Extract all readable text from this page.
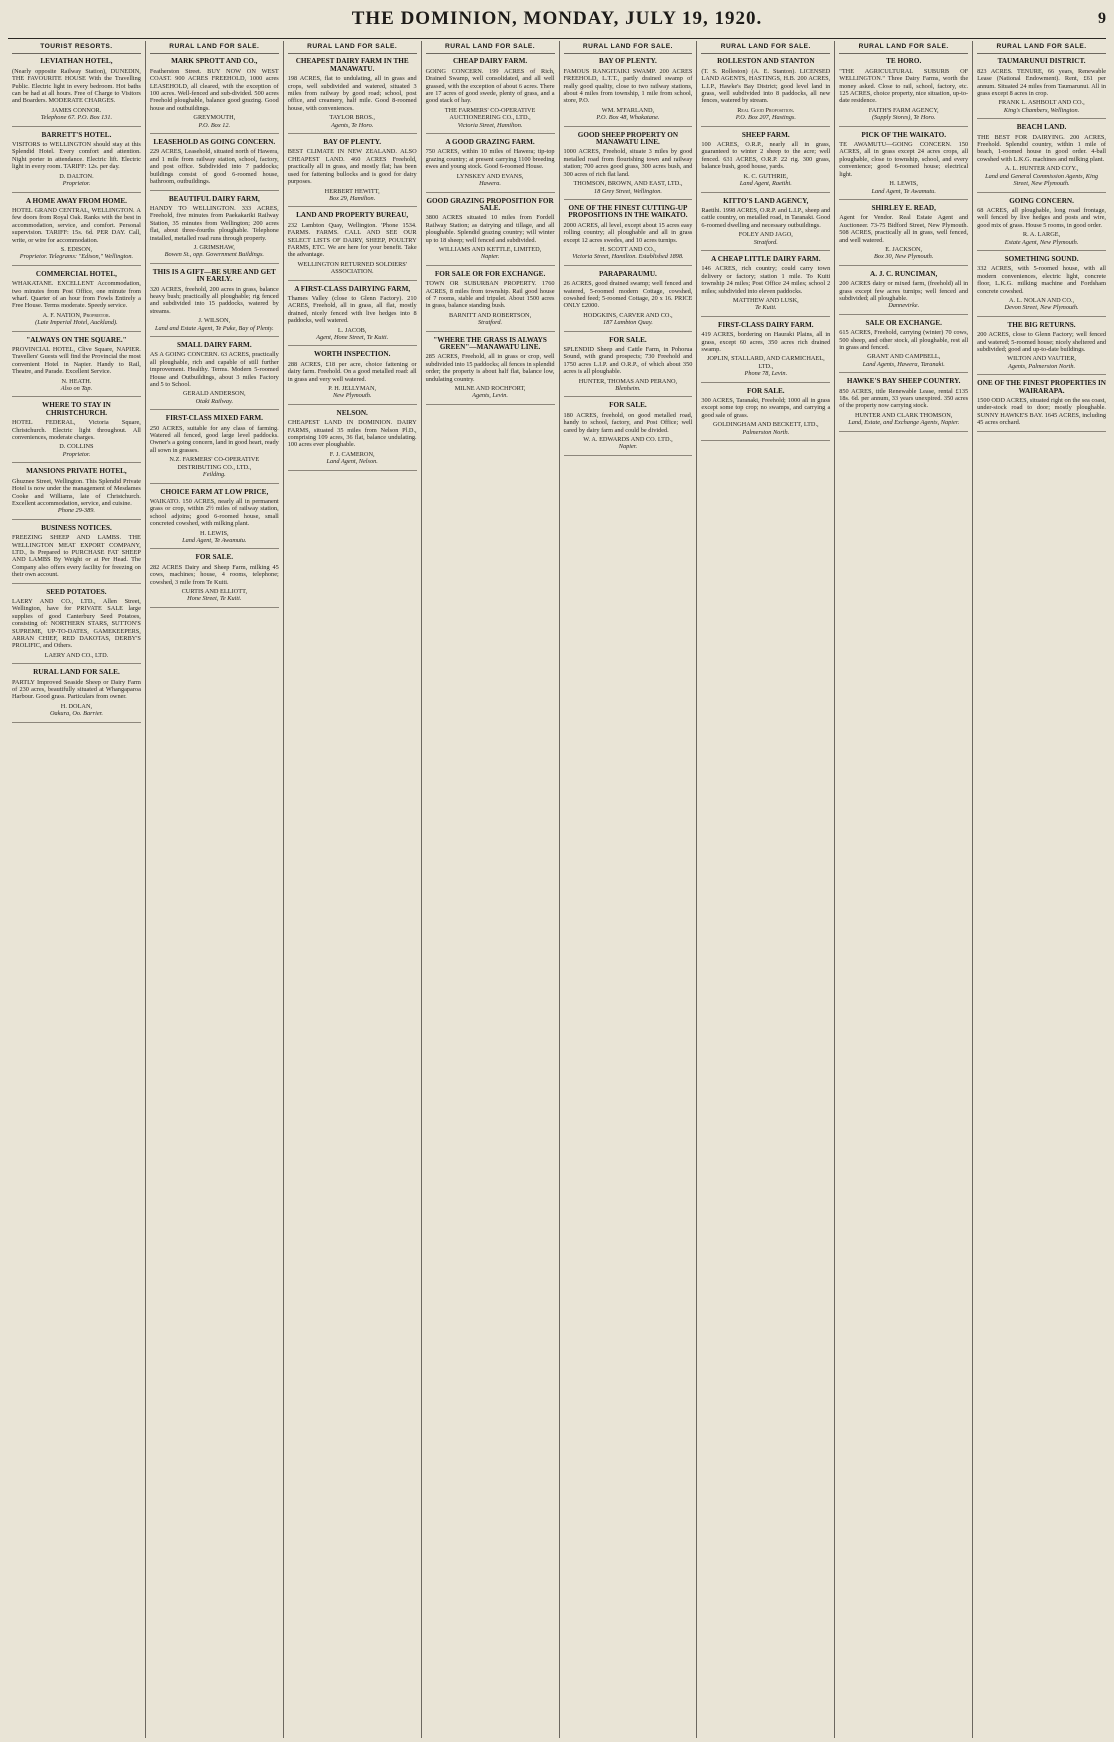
THE DOMINION, MONDAY, JULY 19, 1920.	9
TOURIST RESORTS.
LEVIATHAN HOTEL,
(Nearly opposite Railway Station), DUNEDIN, THE FAVOURITE HOUSE With the Travelling Public. Electric light in every bedroom. Hot baths can be had at all hours. Free of Charge to Visitors and Boarders. MODERATE CHARGES.
JAMES CONNOR.
Telephone 67. P.O. Box 131.
BARRETT'S HOTEL.
VISITORS to WELLINGTON should stay at this Splendid Hotel. Every comfort and attention. Night porter in attendance. Electric lift. Electric light in every room. TARIFF: 12s. per day.
D. DALTON.
Proprietor.
A HOME AWAY FROM HOME.
HOTEL GRAND CENTRAL, WELLINGTON. A few doors from Royal Oak. Ranks with the best in accommodation, service, and comfort. Personal supervision. TARIFF: 15s. 6d. PER DAY. Call, write, or wire for accommodation.
S. EDISON,
Proprietor. Telegrams: "Edison," Wellington.
COMMERCIAL HOTEL,
WHAKATANE. EXCELLENT Accommodation, two minutes from Post Office, one minute from wharf. Quarter of an hour from Fowls Entirely a Free House. Terms moderate. Speedy service.
A. F. NATION, Proprietor.
(Late Imperial Hotel, Auckland).
"ALWAYS ON THE SQUARE."
PROVINCIAL HOTEL, Clive Square, NAPIER. Travellers' Guests will find the Provincial the most convenient Hotel in Napier. Handy to Rail, Theatre, and Parade. Excellent Service.
N. HEATH.
Also on Tap.
WHERE TO STAY IN CHRISTCHURCH.
HOTEL FEDERAL, Victoria Square, Christchurch. Electric light throughout. All conveniences, moderate charges.
D. COLLINS
Proprietor.
MANSIONS PRIVATE HOTEL,
Ghuznee Street, Wellington. This Splendid Private Hotel is now under the management of Mesdames Cooke and Williams, late of Christchurch. Excellent accommodation, service, and cuisine.
Phone 29-389.
BUSINESS NOTICES.
FREEZING SHEEP AND LAMBS. THE WELLINGTON MEAT EXPORT COMPANY, LTD., Is Prepared to PURCHASE FAT SHEEP AND LAMBS By Weight or at Per Head. The Company also offers every facility for freezing on their own account.
SEED POTATOES.
LAERY AND CO., LTD., Allen Street, Wellington, have for PRIVATE SALE large supplies of good Canterbury Seed Potatoes, consisting of: NORTHERN STARS, SUTTON'S SUPREME, UP-TO-DATES, GAMEKEEPERS, ARRAN CHIEF, RED DAKOTAS, DERBY'S PROLIFIC, and Others.
LAERY AND CO., LTD.
RURAL LAND FOR SALE.
PARTLY Improved Seaside Sheep or Dairy Farm of 230 acres, beautifully situated at Whangaparoa Harbour. Good grass. Particulars from owner.
H. DOLAN,
Oakura, Oo. Barrier.
RURAL LAND FOR SALE.
MARK SPROTT AND CO.,
Featherston Street. BUY NOW ON WEST COAST. 900 ACRES FREEHOLD, 1000 acres LEASEHOLD, all cleared, with the exception of 100 acres. Well-fenced and sub-divided. 500 acres Freehold ploughable, balance good grazing. Good house and outbuildings.
GREYMOUTH,
P.O. Box 12.
LEASEHOLD AS GOING CONCERN.
229 ACRES, Leasehold, situated north of Hawera, and 1 mile from railway station, school, factory, and post office. Subdivided into 7 paddocks; buildings consist of good 6-roomed house, bathroom, outbuildings.
BEAUTIFUL DAIRY FARM,
HANDY TO WELLINGTON. 333 ACRES, Freehold, five minutes from Paekakariki Railway Station, 35 minutes from Wellington; 200 acres flat, about three-fourths ploughable. Telephone installed, metalled road runs through property.
J. GRIMSHAW,
Bowen St., opp. Government Buildings.
THIS IS A GIFT—BE SURE AND GET IN EARLY.
320 ACRES, freehold, 200 acres in grass, balance heavy bush; practically all ploughable; rig fenced and subdivided into 15 paddocks, watered by streams.
J. WILSON,
Land and Estate Agent, Te Puke, Bay of Plenty.
SMALL DAIRY FARM.
AS A GOING CONCERN. 63 ACRES, practically all ploughable, rich and capable of still further improvement. Healthy. Terms. Modern 5-roomed House and Outbuildings, about 3 miles Factory and 5 to School.
GERALD ANDERSON,
Otaki Railway.
FIRST-CLASS MIXED FARM.
250 ACRES, suitable for any class of farming. Watered all fenced, good large level paddocks. Owner's a going concern, land in good heart, ready all sown in grasses.
N.Z. FARMERS' CO-OPERATIVE DISTRIBUTING CO., LTD.,
Feilding.
CHOICE FARM AT LOW PRICE,
WAIKATO. 150 ACRES, nearly all in permanent grass or crop, within 2½ miles of railway station, school adjoins; good 6-roomed house, small concreted cowshed, with milking plant.
H. LEWIS,
Land Agent, Te Awamutu.
FOR SALE.
282 ACRES Dairy and Sheep Farm, milking 45 cows, machines; house, 4 rooms, telephone; cowshed, 3 mile from Te Kuiti.
CURTIS AND ELLIOTT,
Hone Street, Te Kuiti.
RURAL LAND FOR SALE.
CHEAPEST DAIRY FARM IN THE MANAWATU.
198 ACRES, flat to undulating, all in grass and crops, well subdivided and watered, situated 3 miles from railway by good road; school, post office, and creamery, half mile. Good 8-roomed house, with conveniences.
TAYLOR BROS.,
Agents, Te Horo.
BAY OF PLENTY.
BEST CLIMATE IN NEW ZEALAND. ALSO CHEAPEST LAND. 460 ACRES Freehold, practically all in grass, and mostly flat; has been used for fattening bullocks and is good for dairy purposes.
HERBERT HEWITT,
Box 29, Hamilton.
LAND AND PROPERTY BUREAU,
232 Lambton Quay, Wellington. 'Phone 1534. FARMS. FARMS. CALL AND SEE OUR SELECT LISTS OF DAIRY, SHEEP, POULTRY FARMS, ETC. We are here for your benefit. Take the advantage.
WELLINGTON RETURNED SOLDIERS' ASSOCIATION.
A FIRST-CLASS DAIRYING FARM,
Thames Valley (close to Glenn Factory). 210 ACRES, Freehold, all in grass, all flat, mostly drained, nicely fenced with live hedges into 8 paddocks, well watered.
L. JACOB,
Agent, Hone Street, Te Kuiti.
WORTH INSPECTION.
288 ACRES, £18 per acre, choice fattening or dairy farm. Freehold. On a good metalled road: all in grass and very well watered.
P. H. JELLYMAN,
New Plymouth.
NELSON.
CHEAPEST LAND IN DOMINION. DAIRY FARMS, situated 35 miles from Nelson Pl.D., comprising 109 acres, 36 flat, balance undulating. 100 acres ever ploughable.
F. J. CAMERON,
Land Agent, Nelson.
RURAL LAND FOR SALE.
CHEAP DAIRY FARM.
GOING CONCERN. 199 ACRES of Rich, Drained Swamp, well consolidated, and all well grassed, with the exception of about 6 acres. There are 17 acres of good swede, plenty of grass, and a good stack of hay.
THE FARMERS' CO-OPERATIVE AUCTIONEERING CO., LTD.,
Victoria Street, Hamilton.
A GOOD GRAZING FARM.
750 ACRES, within 10 miles of Hawera; tip-top grazing country; at present carrying 1100 breeding ewes and young stock. Good 6-roomed House.
LYNSKEY AND EVANS,
Hawera.
GOOD GRAZING PROPOSITION FOR SALE.
3800 ACRES situated 10 miles from Fordell Railway Station; as dairying and tillage, and all ploughable. Splendid grazing country; will winter up to 18 sheep; well fenced and subdivided.
WILLIAMS AND KETTLE, LIMITED,
Napier.
FOR SALE OR FOR EXCHANGE.
TOWN OR SUBURBAN PROPERTY. 1760 ACRES, 8 miles from township. Rail good house of 7 rooms, stable and tripulet. About 1500 acres in grass, balance standing bush.
BARNITT AND ROBERTSON,
Stratford.
"WHERE THE GRASS IS ALWAYS GREEN"—MANAWATU LINE.
285 ACRES, Freehold, all in grass or crop, well subdivided into 15 paddocks; all fences in splendid order; the property is about half flat, balance low, undulating country.
MILNE AND ROCHFORT,
Agents, Levin.
RURAL LAND FOR SALE.
BAY OF PLENTY.
FAMOUS RANGITAIKI SWAMP. 200 ACRES FREEHOLD, L.T.T., partly drained swamp of really good quality, close to two railway stations, about 4 miles from township, 1 mile from school, store, P.O.
WM. M'FARLAND,
P.O. Box 48, Whakatane.
GOOD SHEEP PROPERTY ON MANAWATU LINE.
1000 ACRES, Freehold, situate 3 miles by good metalled road from flourishing town and railway station; 700 acres good grass, 300 acres bush, and 300 acres of rich flat land.
THOMSON, BROWN, AND EAST, LTD.,
18 Grey Street, Wellington.
ONE OF THE FINEST CUTTING-UP PROPOSITIONS IN THE WAIKATO.
2000 ACRES, all level, except about 15 acres easy rolling country; all ploughable and all in grass except 12 acres swedes, and 10 acres turnips.
H. SCOTT AND CO.,
Victoria Street, Hamilton. Established 1898.
PARAPARAUMU.
26 ACRES, good drained swamp; well fenced and watered, 5-roomed modern Cottage, cowshed, cowshed feed; 5-roomed Cottage, 20 x 16. PRICE ONLY £2000.
HODGKINS, CARVER AND CO.,
187 Lambton Quay.
FOR SALE.
SPLENDID Sheep and Cattle Farm, in Pohorua Sound, with grand prospects; 730 Freehold and 1750 acres L.I.P. and O.R.P., of which about 350 acres is all ploughable.
HUNTER, THOMAS AND PERANO,
Blenheim.
FOR SALE.
180 ACRES, freehold, on good metalled road, handy to school, factory, and Post Office; well cared by dairy farm and could be divided.
W. A. EDWARDS AND CO. LTD.,
Napier.
RURAL LAND FOR SALE.
ROLLESTON AND STANTON
(T. S. Rolleston) (A. E. Stanton). LICENSED LAND AGENTS, HASTINGS, H.B. 200 ACRES, L.I.P., Hawke's Bay District; good level land in grass, well subdivided into 8 paddocks, all new fences, watered by stream.
Real Good Proposition.
P.O. Box 207, Hastings.
SHEEP FARM.
100 ACRES, O.R.P., nearly all in grass, guaranteed to winter 2 sheep to the acre; well fenced. 631 ACRES, O.R.P. 22 rig. 300 grass, balance bush, good house, yards.
K. C. GUTHRIE,
Land Agent, Raetihi.
KITTO'S LAND AGENCY,
Raetihi. 1998 ACRES, O.R.P. and L.I.P., sheep and cattle country, on metalled road, in Taranaki. Good 6-roomed dwelling and necessary outbuildings.
FOLEY AND JAGO,
Stratford.
A CHEAP LITTLE DAIRY FARM.
146 ACRES, rich country; could carry town delivery or factory; station 1 mile. To Kuiti township 24 miles; Post Office 24 miles; school 2 miles; subdivided into eleven paddocks.
MATTHEW AND LUSK,
Te Kuiti.
FIRST-CLASS DAIRY FARM.
419 ACRES, bordering on Hauraki Plains, all in grass, except 60 acres, 350 acres rich drained swamp.
JOPLIN, STALLARD, AND CARMICHAEL, LTD.,
Phone 78, Levin.
FOR SALE.
300 ACRES, Taranaki, Freehold; 1000 all in grass except some top crop; no swamps, and carrying a good sale of grass.
GOLDINGHAM AND BECKETT, LTD.,
Palmerston North.
RURAL LAND FOR SALE.
TE HORO.
"THE AGRICULTURAL SUBURB OF WELLINGTON." Three Dairy Farms, worth the money asked. Close to rail, school, factory, etc. 125 ACRES, choice property, nice situation, up-to-date residence.
FAITH'S FARM AGENCY,
(Supply Stores), Te Horo.
PICK OF THE WAIKATO.
TE AWAMUTU—GOING CONCERN. 150 ACRES, all in grass except 24 acres crops, all ploughable, close to township, school, and every convenience; good 6-roomed house; electrical light.
H. LEWIS,
Land Agent, Te Awamutu.
SHIRLEY E. READ,
Agent for Vendor. Real Estate Agent and Auctioneer. 73-75 Bidford Street, New Plymouth. 508 ACRES, practically all in grass, well fenced, and well watered.
E. JACKSON,
Box 30, New Plymouth.
A. J. C. RUNCIMAN,
200 ACRES dairy or mixed farm, (freehold) all in grass except few acres turnips; well fenced and subdivided; all ploughable.
Dannevirke.
SALE OR EXCHANGE.
615 ACRES, Freehold, carrying (winter) 70 cows, 500 sheep, and other stock, all ploughable, rest all in grass and fenced.
GRANT AND CAMPBELL,
Land Agents, Hawera, Taranaki.
HAWKE'S BAY SHEEP COUNTRY.
850 ACRES, title Renewable Lease, rental £135 18s. 6d. per annum, 33 years unexpired. 350 acres of the property now carrying stock.
HUNTER AND CLARK THOMSON,
Land, Estate, and Exchange Agents, Napier.
RURAL LAND FOR SALE.
TAUMARUNUI DISTRICT.
823 ACRES. TENURE, 66 years, Renewable Lease (National Endowment). Rent, £61 per annum. Situated 24 miles from Taumarunui. All in grass except 8 acres in crop.
FRANK L. ASHBOLT AND CO.,
King's Chambers, Wellington.
BEACH LAND.
THE BEST FOR DAIRYING. 200 ACRES, Freehold. Splendid country, within 1 mile of beach, 1-roomed house in good order. 4-ball cowshed with L.K.G. machines and milking plant.
A. L. HUNTER AND CO'Y.,
Land and General Commission Agents, King Street, New Plymouth.
GOING CONCERN.
68 ACRES, all ploughable, long road frontage, well fenced by live hedges and posts and wire, good mix of grass. House 5 rooms, in good order.
R. A. LARGE,
Estate Agent, New Plymouth.
SOMETHING SOUND.
332 ACRES, with 5-roomed house, with all modern conveniences, electric light, concrete floor, L.K.G. milking machine and Fordsham concrete cowshed.
A. L. NOLAN AND CO.,
Devon Street, New Plymouth.
THE BIG RETURNS.
200 ACRES, close to Glenn Factory; well fenced and watered; 5-roomed house; nicely sheltered and subdivided; good and up-to-date buildings.
WILTON AND VAUTIER,
Agents, Palmerston North.
ONE OF THE FINEST PROPERTIES IN WAIRARAPA.
1500 ODD ACRES, situated right on the sea coast, under-stock road to door; mostly ploughable. SUNNY HAWKE'S BAY. 1645 ACRES, including 45 acres orchard.
